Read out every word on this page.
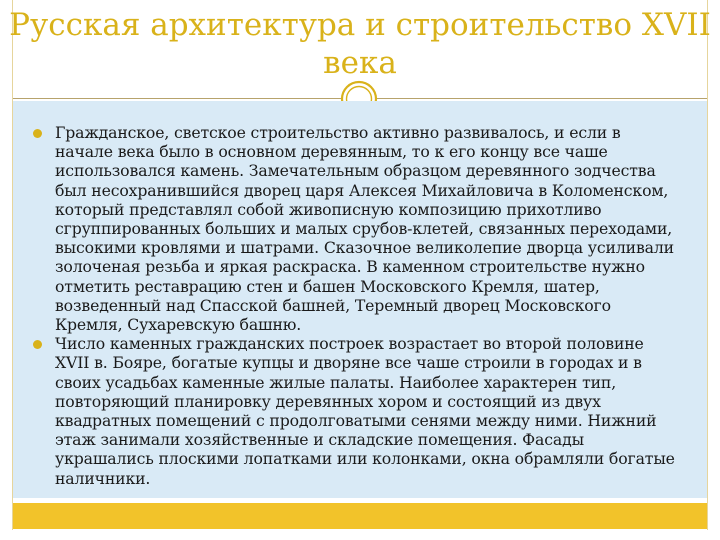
Русская архитектура и строительство XVII
века
Гражданское, светское строительство активно развивалось, и если в начале века было в основном деревянным, то к его концу все чаше использовался камень. Замечательным образцом деревянного зодчества был несохранившийся дворец царя Алексея Михайловича в Коломенском, который представлял собой живописную композицию прихотливо сгруппированных больших и малых срубов-клетей, связанных переходами, высокими кровлями и шатрами. Сказочное великолепие дворца усиливали золоченая резьба и яркая раскраска. В каменном строительстве нужно отметить реставрацию стен и башен Московского Кремля, шатер, возведенный над Спасской башней, Теремный дворец Московского Кремля, Сухаревскую башню.
Число каменных гражданских построек возрастает во второй половине XVII в. Бояре, богатые купцы и дворяне все чаше строили в городах и в своих усадьбах каменные жилые палаты. Наиболее характерен тип, повторяющий планировку деревянных хором и состоящий из двух квадратных помещений с продолговатыми сенями между ними. Нижний этаж занимали хозяйственные и складские помещения. Фасады украшались плоскими лопатками или колонками, окна обрамляли богатые наличники.
